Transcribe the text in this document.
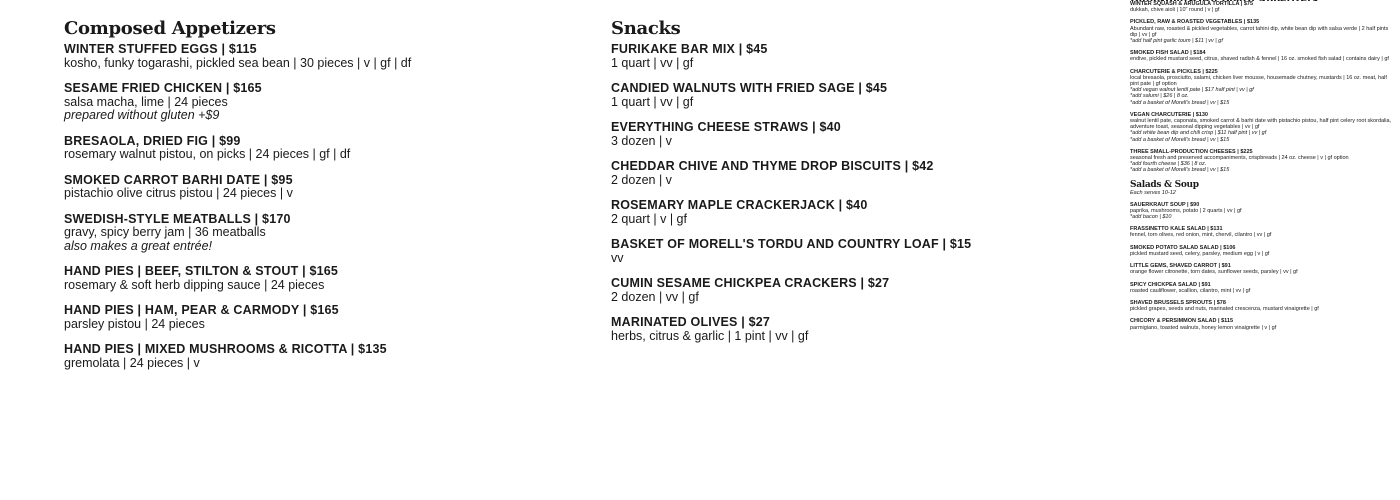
Composed Appetizers
WINTER STUFFED EGGS | $115
kosho, funky togarashi, pickled sea bean | 30 pieces | v | gf | df
SESAME FRIED CHICKEN | $165
salsa macha, lime | 24 pieces
prepared without gluten +$9
BRESAOLA, DRIED FIG | $99
rosemary walnut pistou, on picks | 24 pieces | gf | df
SMOKED CARROT BARHI DATE | $95
pistachio olive citrus pistou | 24 pieces | v
SWEDISH-STYLE MEATBALLS | $170
gravy, spicy berry jam | 36 meatballs
also makes a great entrée!
HAND PIES | BEEF, STILTON & STOUT | $165
rosemary & soft herb dipping sauce | 24 pieces
HAND PIES | HAM, PEAR & CARMODY | $165
parsley pistou | 24 pieces
HAND PIES | MIXED MUSHROOMS & RICOTTA | $135
gremolata | 24 pieces | v
Snacks
FURIKAKE BAR MIX | $45
1 quart | vv | gf
CANDIED WALNUTS WITH FRIED SAGE | $45
1 quart | vv | gf
EVERYTHING CHEESE STRAWS | $40
3 dozen | v
CHEDDAR CHIVE AND THYME DROP BISCUITS | $42
2 dozen | v
ROSEMARY MAPLE CRACKERJACK | $40
2 quart | v | gf
BASKET OF MORELL'S TORDU AND COUNTRY LOAF | $15
vv
CUMIN SESAME CHICKPEA CRACKERS | $27
2 dozen | vv | gf
MARINATED OLIVES | $27
herbs, citrus & garlic | 1 pint | vv | gf
WINTER SQUASH & ARUGULA TORTILLA | $75
dukkah, chive aioli | 10" round | v | gf
PICKLED, RAW & ROASTED VEGETABLES | $135
Abundant raw, roasted & pickled vegetables, carrot tahini dip, white bean dip with salsa verde | 2 half pints dip | vv | gf
*add half pint garlic toum | $11 | vv | gf
SMOKED FISH SALAD | $184
endive, pickled mustard seed, citrus, shaved radish & fennel | 16 oz. smoked fish salad | contains dairy | gf
CHARCUTERIE & PICKLES | $225
local bresaola, prosciutto, salami, chicken liver mousse, housemade chutney, mustards | 16 oz. meat, half pint pate | gf option
*add vegan walnut lentil pate | $17 half pint | vv | gf
*add salumi | $26 | 8 oz.
*add a basket of Morell's bread | vv | $15
VEGAN CHARCUTERIE | $130
walnut lentil pate, caponata, smoked carrot & barhi date with pistachio pistou, half pint celery root skordalia, adventure toast, seasonal dipping vegetables | vv | gf
*add white bean dip and chili crisp | $11 half pint | vv | gf
*add a basket of Morell's bread | vv | $15
THREE SMALL-PRODUCTION CHEESES | $225
seasonal fresh and preserved accompaniments, crispbreads | 24 oz. cheese | v | gf option
*add fourth cheese | $36 | 8 oz.
*add a basket of Morell's bread | vv | $15
Salads & Soup
Each serves 10-12
SAUERKRAUT SOUP | $90
paprika, mushrooms, potato | 2 quarts | vv | gf
*add bacon | $10
FRASSINETTO KALE SALAD | $131
fennel, torn olives, red onion, mint, chervil, cilantro | vv | gf
SMOKED POTATO SALAD SALAD | $106
pickled mustard seed, celery, parsley, medium egg | v | gf
LITTLE GEMS, SHAVED CARROT | $91
orange flower citronette, torn dates, sunflower seeds, parsley | vv | gf
SPICY CHICKPEA SALAD | $91
roasted cauliflower, scallion, cilantro, mint | vv | gf
SHAVED BRUSSELS SPROUTS | $78
pickled grapes, seeds and nuts, marinated crescenza, mustard vinaigrette | gf
CHICORY & PERSIMMON SALAD | $115
parmigiano, toasted walnuts, honey lemon vinaigrette | v | gf
